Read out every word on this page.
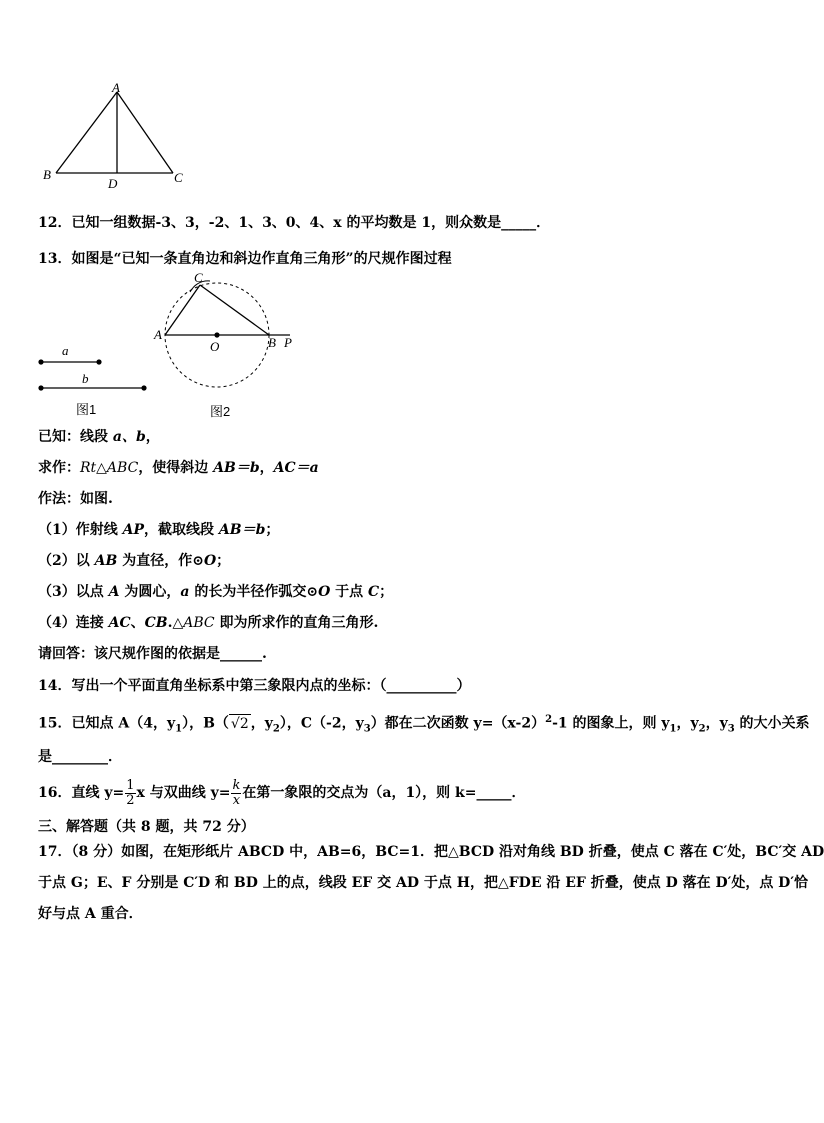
A
B	C
D
12．已知一组数据-3、3，-2、1、3、0、4、x 的平均数是 1，则众数是_____．
13．如图是“已知一条直角边和斜边作直角三角形”的尺规作图过程
a
b
图1
C
A
O	B P
图2
已知：线段 a、b，
求作：Rt△ABC，使得斜边 AB＝b，AC＝a
作法：如图.
（1）作射线 AP，截取线段 AB＝b；
（2）以 AB 为直径，作⊙O；
（3）以点 A 为圆心，a 的长为半径作弧交⊙O 于点 C；
（4）连接 AC、CB.△ABC 即为所求作的直角三角形.
请回答：该尺规作图的依据是______.
14．写出一个平面直角坐标系中第三象限内点的坐标：（__________）
15．已知点 A（4，$y_1$），B（ √2 ，$y_2$），C（-2，$y_3$）都在二次函数 $y=(x-2)^2-1$ 的图象上，则 $y_1$，$y_2$，$y_3$ 的大小关系
是________．
16．直线 $y= \frac{1}{2}$ x 与双曲线 $y= \frac{k}{x}$ 在第一象限的交点为（a，1），则 k=_____．
三、解答题（共 8 题，共 72 分）
17．（8 分）如图，在矩形纸片 ABCD 中，AB=6，BC=1．把△BCD 沿对角线 BD 折叠，使点 C 落在 C′处，BC′交 AD
于点 G；E、F 分别是 C′D 和 BD 上的点，线段 EF 交 AD 于点 H，把△FDE 沿 EF 折叠，使点 D 落在 D′处，点 D′恰
好与点 A 重合．
